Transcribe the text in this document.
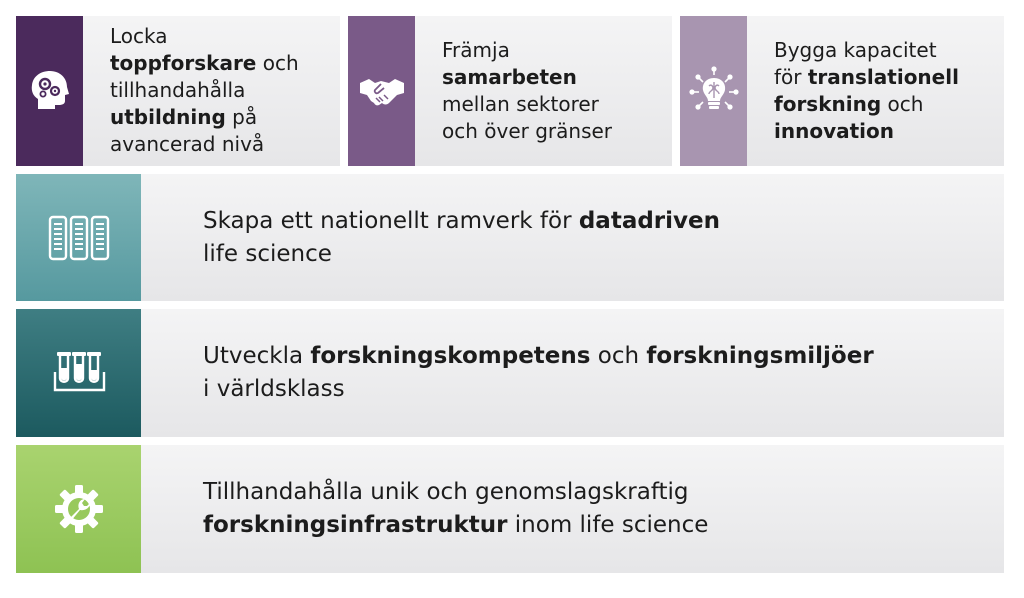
Locka
toppforskare och
tillhandahålla
utbildning på
avancerad nivå
Främja
samarbeten
mellan sektorer
och över gränser
Bygga kapacitet
för translationell
forskning och
innovation
Skapa ett nationellt ramverk för datadriven
life science
Utveckla forskningskompetens och forskningsmiljöer
i världsklass
Tillhandahålla unik och genomslagskraftig
forskningsinfrastruktur inom life science
